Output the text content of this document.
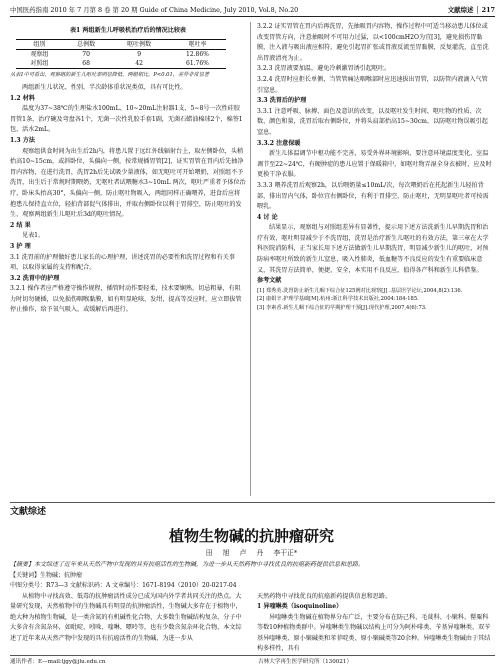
中国医药指南 2010 年 7 月第 8 卷 第 20 期 Guide of China Medicine, July 2010, Vol.8, No.20	文献综述 │ 217
表1 两组新生儿呼吸机治疗后的情况比较表
组别	总例数	呕吐例数	呕吐率
观察组	70	9	12.86%
对照组	68	42	61.76%

从表1中可看出，观察组的新生儿呕吐率明显降低，两组相比，P<0.01，差异非常显著

两组新生儿状况、性别、半次龄体重状况类似，具有可比性。

1.2 材料

温度为37~38℃的生理盐水100mL、10~20mL注射器1支、5~8号一次性硅胶胃管1条，治疗碗及弯盘各1个，无菌一次性乳胶手套1副，无菌石蜡油棉球2个，棉签1包，活水2mL。

1.3 方法

观察组供食时间为出生后2h内，将患儿置于远红外线辐射台上，取左侧卧位，头稍抬高10~15cm，或斜卧位，头偏向一侧，按常规插胃管[2]，证实胃管在胃内后先抽净胃内容物，在进行洗胃，洗胃2h后先试吸少量液体，如无呕吐可开始喂奶，对照组不予洗胃，出生后于常规时期喂奶，无呕吐者试喂糖水3~10mL 两次，呕吐严重者予体位治疗，卧床头抬高30°，头偏向一侧，防止呕吐物吸入，两组同样正确喂养，进食后应将抱患儿保持直立位，轻拍背部促气体排出，并取右侧卧位以利于胃排空，防止呕吐的发生，观察两组新生儿呕吐后3d的呕吐情况。

2 结 果

见表1。

3 护 理

3.1 洗胃前的护理做好患儿家长的心理护理，讲述洗胃的必要性和洗胃过程和有关事项，以取得家属的支持和配合。

3.2 洗胃中的护理

3.2.1 操作者应严格遵守操作规程，插管时动作要轻柔，技术要娴熟，切忌粗暴，有阻力时切勿硬插，以免损伤咽喉黏膜，如有明显呛咳、发绀，提高等反应时，应立即拔管停止操作，给予氧气吸入，或缓解后再进行。

3.2.2 证实胃管在胃内后再洗胃，先抽吸胃内容物，操作过程中可适当移动患儿体位或改变胃管方向，注意抽吸时不可用力过猛，以<100cmH2O为宜[3]，避免损伤胃黏膜，注入液与吸出液应相符，避免引起胃扩张或胃液反流至胃黏膜，反复灌洗，直至洗出胃液清亮为止。

3.2.3 洗胃液要加温，避免冷刺激胃诱引起呕吐。

3.2.4 洗胃时应拒长单侧，当管管痛达咽喉部时应迅速拔出胃管，以防管内液滴入气管引窒息。

3.3 洗胃后的护理

3.3.1 注意呼吸、脉搏、面色及意识的改变，以及呕吐发生时间、呕吐物的性质、次数、颜色和量，洗胃后取右侧卧位，并将头肩部抬高15~30cm，以防呕吐物误吸引起窒息。

3.3.2 注意保暖

新生儿体温调节中枢功能不完善，易受外界环境影响，要注意环境温度变化，室温调节至22~24℃，有硬肿症的患儿应置于保暖箱中，如呕吐物弄湿全身衣被时，应及时更换干净衣服。

3.3.3 喂养洗胃后观察2h，以后喂奶量≤10mL/次，每次喂奶后在托起新生儿轻拍背部，排出胃内气体，卧位宜右侧卧位，有利于胃排空，防止呕吐，无明显呕吐者可按需喂乳。

4 讨 论

结果显示，观察组与对照组差异有显著性，提示用下述方法洗新生儿早期洗胃和治疗有效，呕吐明显减少于不洗胃组，洗胃是治疗新生儿呕吐的有效方法，第三章在大学科医院消防科，正当家长用下述方法做新生儿早期洗胃，明显减少新生儿的呕吐，对预防病率呕吐所致的新生儿窒息，吸入性肺炎，低血糖等不良反应的发生有重要临床意义，其洗胃方法简单，便捷，安全，本实用不良反应，值得各产科和新生儿科借鉴。

参考文献

[1] 郑秀英.洗胃防止新生儿咽下综合征125例对比观察[J] .基层医学论坛,2004,8(2):136.

[2] 康娟辛.护理学基础[M].杭州:浙江科学技术出版社,2004:184-185.

[3] 李素香.新生儿咽下综合征的早期护理干预[J].现代护理,2007,4(6):73.

文献综述
植物生物碱的抗肿瘤研究
田 旭 卢 丹 李干正*

【摘要】本文综述了近年来从天然产物中发现的具有抗癌活性的生物碱，为进一步从天然药物中寻找优良的抗癌新药提供信息和思路。

【关键词】生物碱；抗肿瘤

中图分类号：R73—3 文献标识码：A 文章编号：1671-8194（2010）20-0217-04

从植物中寻找高效、低毒的抗肿瘤活性成分已成为国内外学者共同关注的热点。大量研究发现，天然植物中的生物碱具有明显的抗肿瘤活性，生物碱大多存在于植物中，绝大种为植物生物碱，是一类含氮的有机碱性化合物，大多数生物碱结构复杂，分子中大多含有含氮杂环，如吡啶、吲哚、喹啉、嘌呤等，也有少数含氮杂环化合物，本文综述了近年来从天然产物中发现的具有抗癌活性的生物碱，为进一步从

天然药物中寻找优良的抗癌新药提供信息和思路。

1 异喹啉类（isoquinoline）

异喹啉类生物碱在植物界分布广泛，主要分布在防己科、毛茛科、小檗科、罂粟科等数10种植物类群中。异喹啉类生物碱以结构上可分为阿朴啡类、苄基异喹啉类、双苄基异喹啉类、原小檗碱类和苯菲啶类、原小檗碱类等20余种。异喹啉类生物碱由于其结构多样性，具有

通讯作者：E—mail:ljgy@jlu.edu.cn	吉林大学再生医学研究所（130021）
